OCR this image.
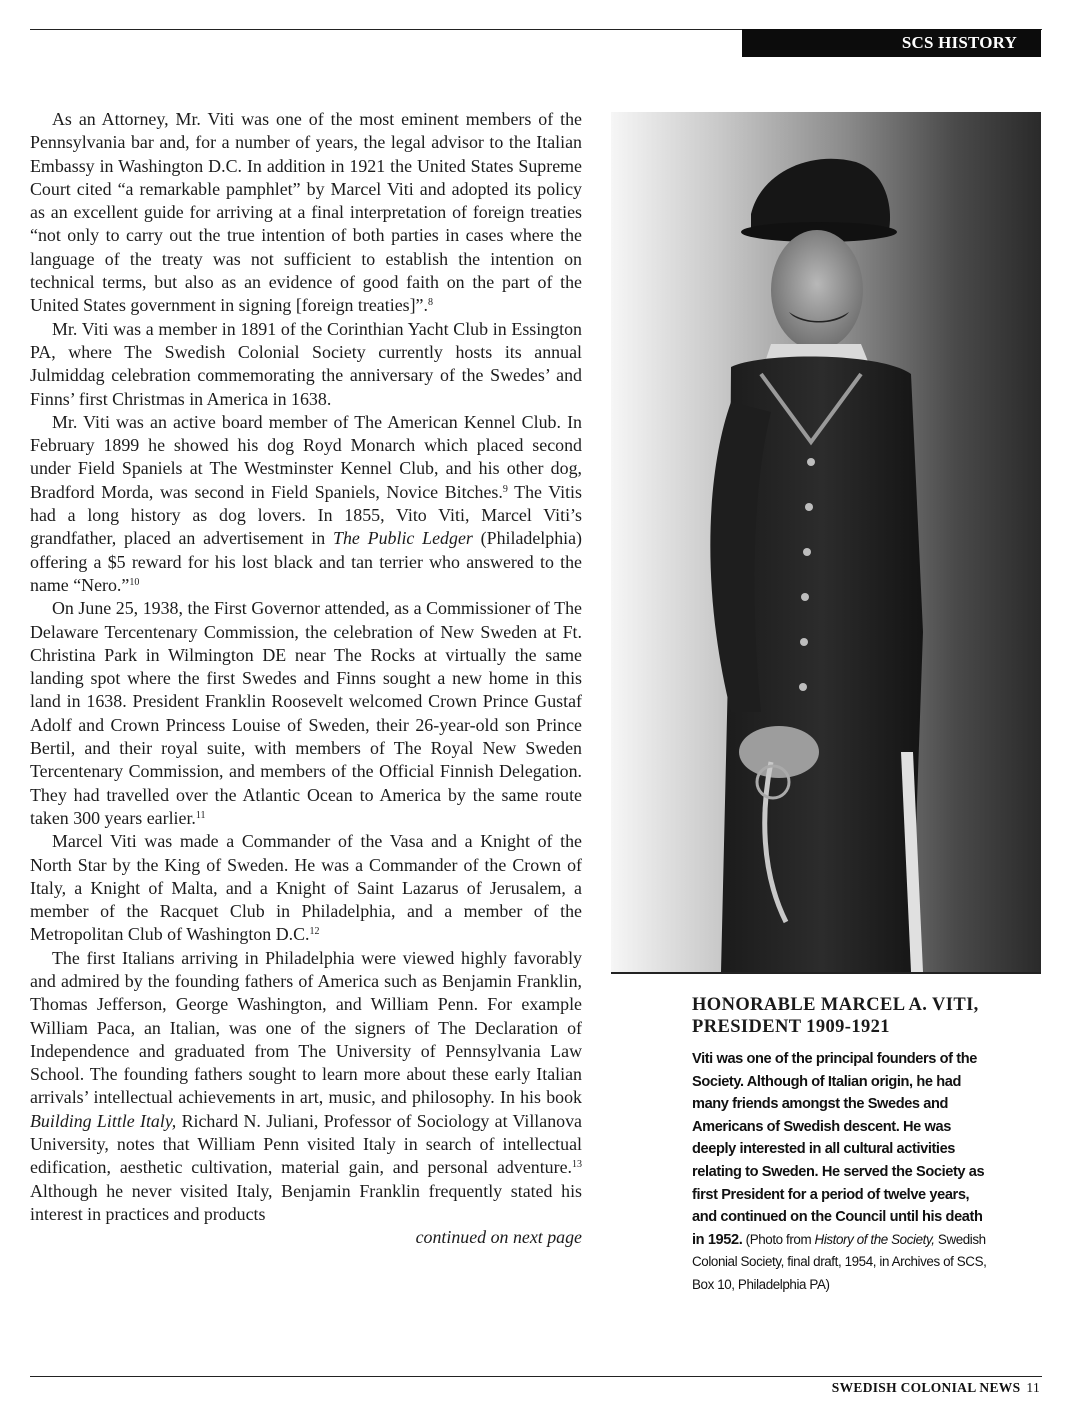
SCS HISTORY

As an Attorney, Mr. Viti was one of the most eminent members of the Pennsylvania bar and, for a number of years, the legal advisor to the Italian Embassy in Washington D.C. In addition in 1921 the United States Supreme Court cited “a remarkable pamphlet” by Marcel Viti and adopted its policy as an excellent guide for arriving at a final interpretation of foreign treaties “not only to carry out the true intention of both parties in cases where the language of the treaty was not sufficient to establish the intention on technical terms, but also as an evidence of good faith on the part of the United States government in signing [foreign treaties]”.$^8$

Mr. Viti was a member in 1891 of the Corinthian Yacht Club in Essington PA, where The Swedish Colonial Society currently hosts its annual Julmiddag celebration commemorating the anniversary of the Swedes’ and Finns’ first Christmas in America in 1638.

Mr. Viti was an active board member of The American Kennel Club. In February 1899 he showed his dog Royd Monarch which placed second under Field Spaniels at The Westminster Kennel Club, and his other dog, Bradford Morda, was second in Field Spaniels, Novice Bitches.$^9$ The Vitis had a long history as dog lovers. In 1855, Vito Viti, Marcel Viti’s grandfather, placed an advertisement in The Public Ledger (Philadelphia) offering a $5 reward for his lost black and tan terrier who answered to the name “Nero.”$^{10}$

On June 25, 1938, the First Governor attended, as a Commissioner of The Delaware Tercentenary Commission, the celebration of New Sweden at Ft. Christina Park in Wilmington DE near The Rocks at virtually the same landing spot where the first Swedes and Finns sought a new home in this land in 1638. President Franklin Roosevelt welcomed Crown Prince Gustaf Adolf and Crown Princess Louise of Sweden, their 26-year-old son Prince Bertil, and their royal suite, with members of The Royal New Sweden Tercentenary Commission, and members of the Official Finnish Delegation. They had travelled over the Atlantic Ocean to America by the same route taken 300 years earlier.$^{11}$

Marcel Viti was made a Commander of the Vasa and a Knight of the North Star by the King of Sweden. He was a Commander of the Crown of Italy, a Knight of Malta, and a Knight of Saint Lazarus of Jerusalem, a member of the Racquet Club in Philadelphia, and a member of the Metropolitan Club of Washington D.C.$^{12}$

The first Italians arriving in Philadelphia were viewed highly favorably and admired by the founding fathers of America such as Benjamin Franklin, Thomas Jefferson, George Washington, and William Penn. For example William Paca, an Italian, was one of the signers of The Declaration of Independence and graduated from The University of Pennsylvania Law School. The founding fathers sought to learn more about these early Italian arrivals’ intellectual achievements in art, music, and philosophy. In his book Building Little Italy, Richard N. Juliani, Professor of Sociology at Villanova University, notes that William Penn visited Italy in search of intellectual edification, aesthetic cultivation, material gain, and personal adventure.$^{13}$ Although he never visited Italy, Benjamin Franklin frequently stated his interest in practices and products

continued on next page

HONORABLE MARCEL A. VITI,
PRESIDENT 1909-1921
Viti was one of the principal founders of the Society. Although of Italian origin, he had many friends amongst the Swedes and Americans of Swedish descent. He was deeply interested in all cultural activities relating to Sweden. He served the Society as first President for a period of twelve years, and continued on the Council until his death in 1952. (Photo from History of the Society, Swedish Colonial Society, final draft, 1954, in Archives of SCS, Box 10, Philadelphia PA)
SWEDISH COLONIAL NEWS 11
